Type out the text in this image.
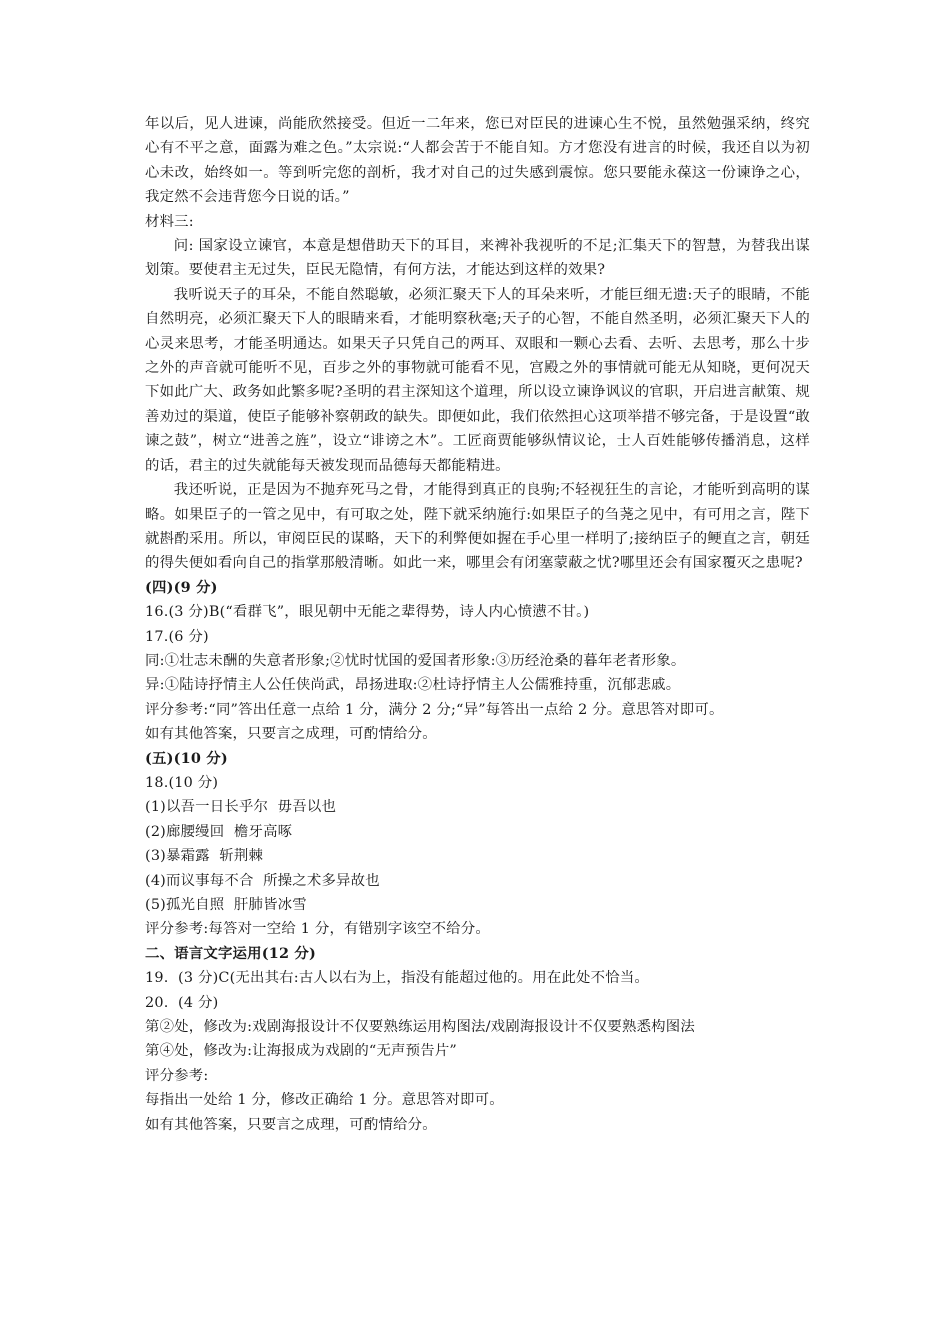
年以后，见人进谏，尚能欣然接受。但近一二年来，您已对臣民的进谏心生不悦，虽然勉强采纳，终究心有不平之意，面露为难之色。”太宗说:“人都会苦于不能自知。方才您没有进言的时候，我还自以为初心未改，始终如一。等到听完您的剖析，我才对自己的过失感到震惊。您只要能永葆这一份谏诤之心，我定然不会违背您今日说的话。”

材料三:

问: 国家设立谏官，本意是想借助天下的耳目，来裨补我视听的不足;汇集天下的智慧，为替我出谋划策。要使君主无过失，臣民无隐情，有何方法，才能达到这样的效果?

我听说天子的耳朵，不能自然聪敏，必须汇聚天下人的耳朵来听，才能巨细无遗:天子的眼睛，不能自然明亮，必须汇聚天下人的眼睛来看，才能明察秋毫;天子的心智，不能自然圣明，必须汇聚天下人的心灵来思考，才能圣明通达。如果天子只凭自己的两耳、双眼和一颗心去看、去听、去思考，那么十步之外的声音就可能听不见，百步之外的事物就可能看不见，宫殿之外的事情就可能无从知晓，更何况天下如此广大、政务如此繁多呢?圣明的君主深知这个道理，所以设立谏诤讽议的官职，开启进言献策、规善劝过的渠道，使臣子能够补察朝政的缺失。即便如此，我们依然担心这项举措不够完备，于是设置“敢谏之鼓”，树立“进善之旌”，设立“诽谤之木”。工匠商贾能够纵情议论，士人百姓能够传播消息，这样的话，君主的过失就能每天被发现而品德每天都能精进。

我还听说，正是因为不抛弃死马之骨，才能得到真正的良驹;不轻视狂生的言论，才能听到高明的谋略。如果臣子的一管之见中，有可取之处，陛下就采纳施行:如果臣子的刍荛之见中，有可用之言，陛下就斟酌采用。所以，审阅臣民的谋略，天下的利弊便如握在手心里一样明了;接纳臣子的鲠直之言，朝廷的得失便如看向自己的指掌那般清晰。如此一来，哪里会有闭塞蒙蔽之忧?哪里还会有国家覆灭之患呢?

(四)(9 分)

16.(3 分)B(“看群飞”，眼见朝中无能之辈得势，诗人内心愤懑不甘。)

17.(6 分)

同:①壮志未酬的失意者形象;②忧时忧国的爱国者形象:③历经沧桑的暮年老者形象。

异:①陆诗抒情主人公任侠尚武，昂扬进取:②杜诗抒情主人公儒雅持重，沉郁悲戚。

评分参考:“同”答出任意一点给 1 分，满分 2 分;“异”每答出一点给 2 分。意思答对即可。

如有其他答案，只要言之成理，可酌情给分。

(五)(10 分)

18.(10 分)

(1)以吾一日长乎尔  毋吾以也

(2)廊腰缦回  檐牙高啄

(3)暴霜露  斩荆棘

(4)而议事每不合  所操之术多异故也

(5)孤光自照  肝肺皆冰雪

评分参考:每答对一空给 1 分，有错别字该空不给分。

二、语言文字运用(12 分)

19.  (3 分)C(无出其右:古人以右为上，指没有能超过他的。用在此处不恰当。

20.  (4 分)

第②处，修改为:戏剧海报设计不仅要熟练运用构图法/戏剧海报设计不仅要熟悉构图法

第④处，修改为:让海报成为戏剧的“无声预告片”

评分参考:

每指出一处给 1 分，修改正确给 1 分。意思答对即可。

如有其他答案，只要言之成理，可酌情给分。
